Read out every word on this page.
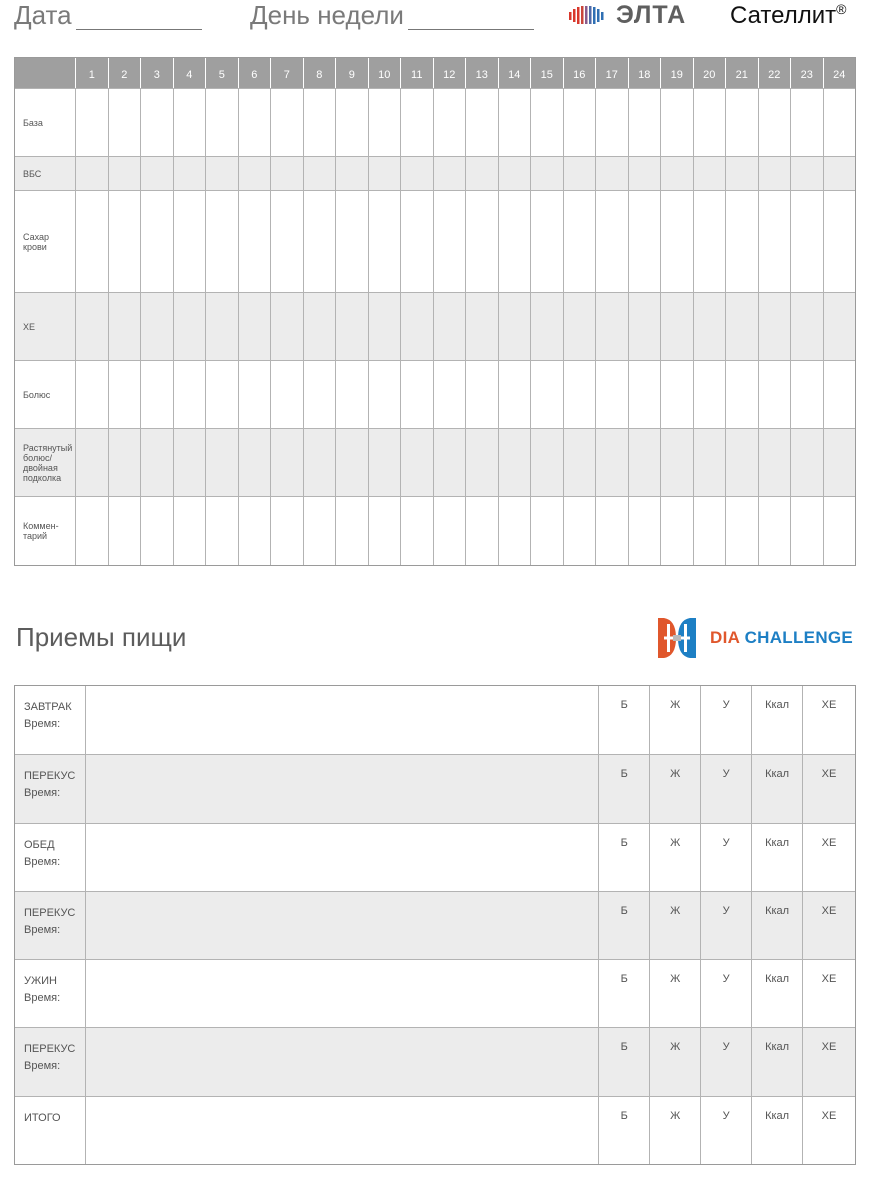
Дата	День недели	ЭЛТА Сателлит®
1	2	3	4	5	6	7	8	9	10	11	12	13	14	15	16	17	18	19	20	21	22	23	24
База
ВБС
Сахар крови
ХЕ
Болюс
Растянутый болюс/ двойная подколка
Коммен-тарий
Приемы пищи	DIA CHALLENGE
ЗАВТРАК
Время:
Б	Ж	У	Ккал	ХЕ
ПЕРЕКУС
Время:
Б	Ж	У	Ккал	ХЕ
ОБЕД
Время:
Б	Ж	У	Ккал	ХЕ
ПЕРЕКУС
Время:
Б	Ж	У	Ккал	ХЕ
УЖИН
Время:
Б	Ж	У	Ккал	ХЕ
ПЕРЕКУС
Время:
Б	Ж	У	Ккал	ХЕ
ИТОГО	Б	Ж	У	Ккал	ХЕ
